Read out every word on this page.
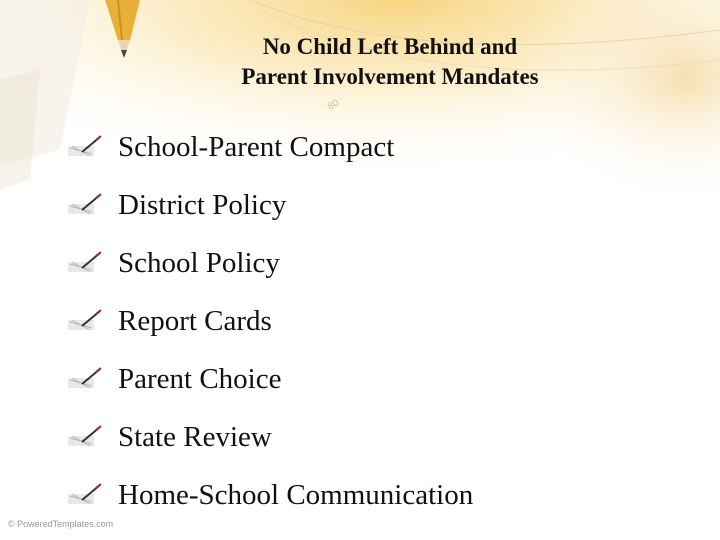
80
No Child Left Behind and
Parent Involvement Mandates
School-Parent Compact
District Policy
School Policy
Report Cards
Parent Choice
State Review
Home-School Communication
© PoweredTemplates.com
